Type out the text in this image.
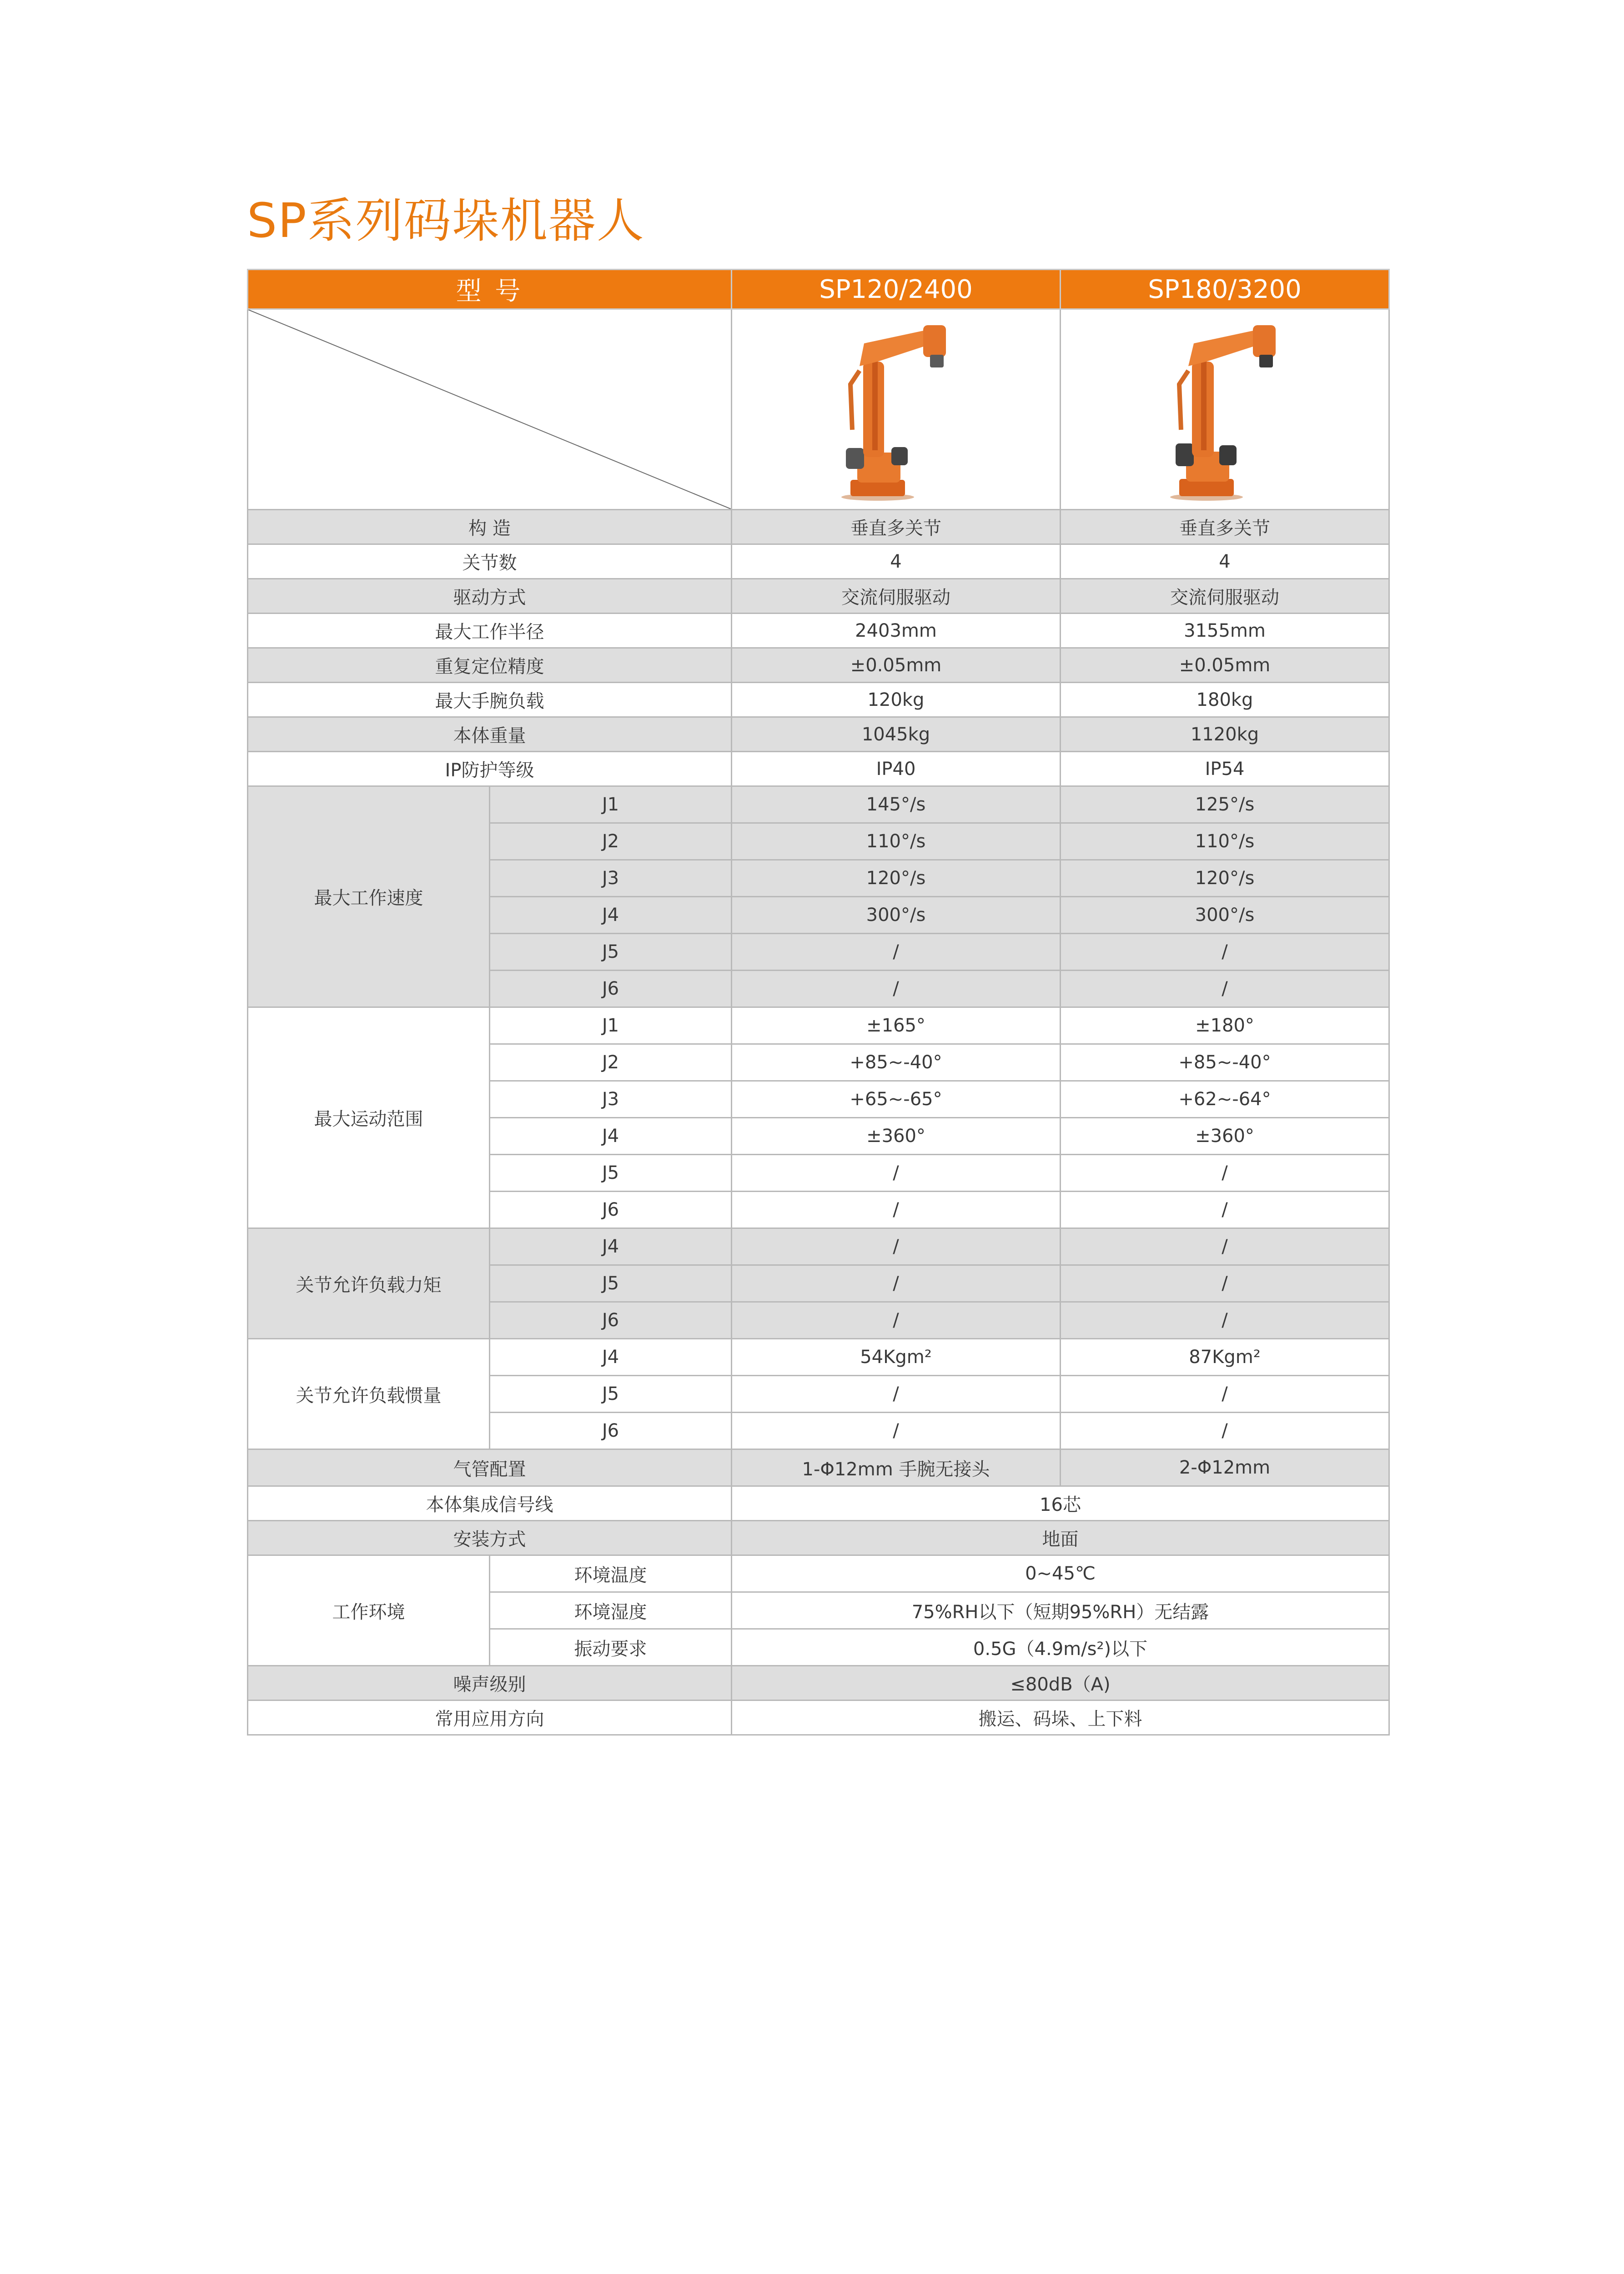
SP系列码垛机器人
型 号		SP120/2400	SP180/3200

构 造		垂直多关节	垂直多关节
关节数		4	4
驱动方式		交流伺服驱动	交流伺服驱动
最大工作半径		2403mm	3155mm
重复定位精度		±0.05mm	±0.05mm
最大手腕负载		120kg	180kg
本体重量		1045kg	1120kg
IP防护等级		IP40	IP54
最大工作速度	J1	145°/s	125°/s
	J2	110°/s	110°/s
	J3	120°/s	120°/s
	J4	300°/s	300°/s
	J5	/	/
	J6	/	/
最大运动范围	J1	±165°	±180°
	J2	+85~-40°	+85~-40°
	J3	+65~-65°	+62~-64°
	J4	±360°	±360°
	J5	/	/
	J6	/	/
关节允许负载力矩	J4	/	/
	J5	/	/
	J6	/	/
关节允许负载惯量	J4	54Kgm²	87Kgm²
	J5	/	/
	J6	/	/
气管配置		1-Φ12mm 手腕无接头	2-Φ12mm
本体集成信号线		16芯	
安装方式		地面	
工作环境	环境温度	0~45℃	
	环境湿度	75%RH以下（短期95%RH）无结露	
	振动要求	0.5G（4.9m/s²)以下	
噪声级别		≤80dB（A)	
常用应用方向		搬运、码垛、上下料	
